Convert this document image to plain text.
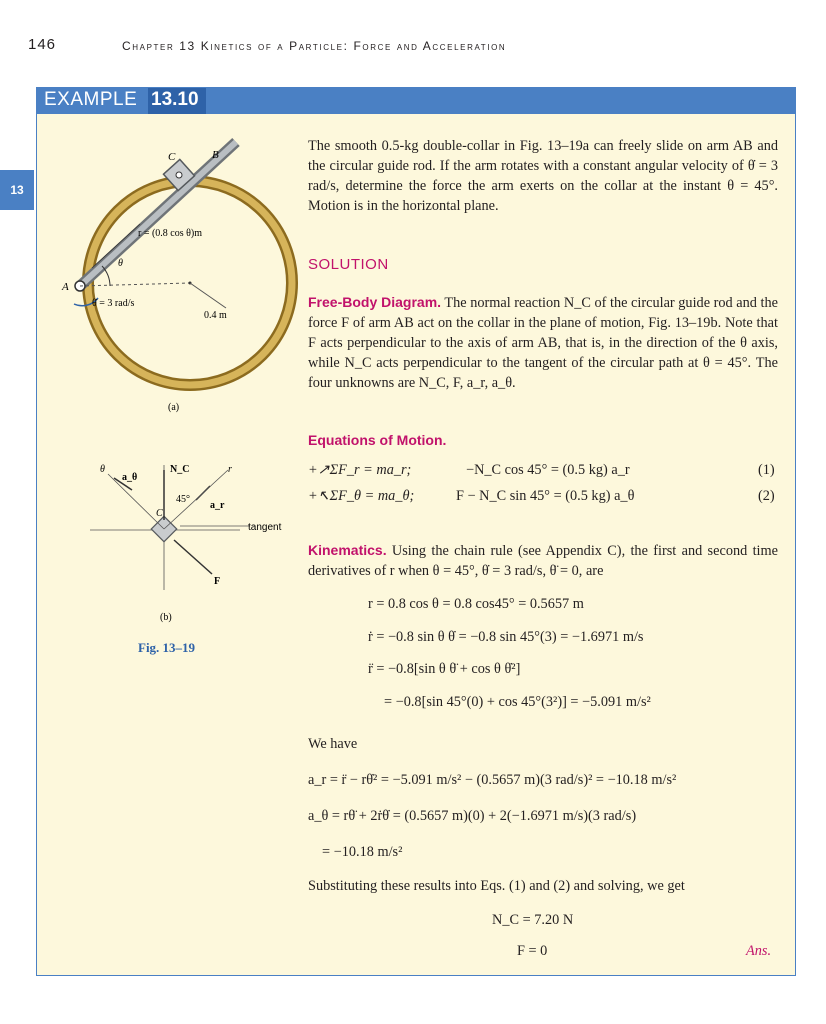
146	Chapter 13 Kinetics of a Particle: Force and Acceleration
EXAMPLE 13.10
13
The smooth 0.5-kg double-collar in Fig. 13–19a can freely slide on arm AB and the circular guide rod. If the arm rotates with a constant angular velocity of θ̇ = 3 rad/s, determine the force the arm exerts on the collar at the instant θ = 45°. Motion is in the horizontal plane.
SOLUTION
Free-Body Diagram. The normal reaction N_C of the circular guide rod and the force F of arm AB act on the collar in the plane of motion, Fig. 13–19b. Note that F acts perpendicular to the axis of arm AB, that is, in the direction of the θ axis, while N_C acts perpendicular to the tangent of the circular path at θ = 45°. The four unknowns are N_C, F, a_r, a_θ.
Equations of Motion.
+↗ΣF_r = ma_r;	−N_C cos 45° = (0.5 kg) a_r	(1)
+↖ΣF_θ = ma_θ;	F − N_C sin 45° = (0.5 kg) a_θ	(2)
Kinematics. Using the chain rule (see Appendix C), the first and second time derivatives of r when θ = 45°, θ̇ = 3 rad/s, θ̈ = 0, are
r = 0.8 cos θ = 0.8 cos45° = 0.5657 m
ṙ = −0.8 sin θ θ̇ = −0.8 sin 45°(3) = −1.6971 m/s
r̈ = −0.8[sin θ θ̈ + cos θ θ̇²]
= −0.8[sin 45°(0) + cos 45°(3²)] = −5.091 m/s²
We have
a_r = r̈ − rθ̇² = −5.091 m/s² − (0.5657 m)(3 rad/s)² = −10.18 m/s²
a_θ = rθ̈ + 2ṙθ̇ = (0.5657 m)(0) + 2(−1.6971 m/s)(3 rad/s)
= −10.18 m/s²
Substituting these results into Eqs. (1) and (2) and solving, we get
N_C = 7.20 N
F = 0	Ans.
A
B
C
r = (0.8 cos θ)m
θ
θ̇ = 3 rad/s
0.4 m
(a)
θ	N_C	r
a_θ
a_r
45°
C
tangent
F
(b)
Fig. 13–19
